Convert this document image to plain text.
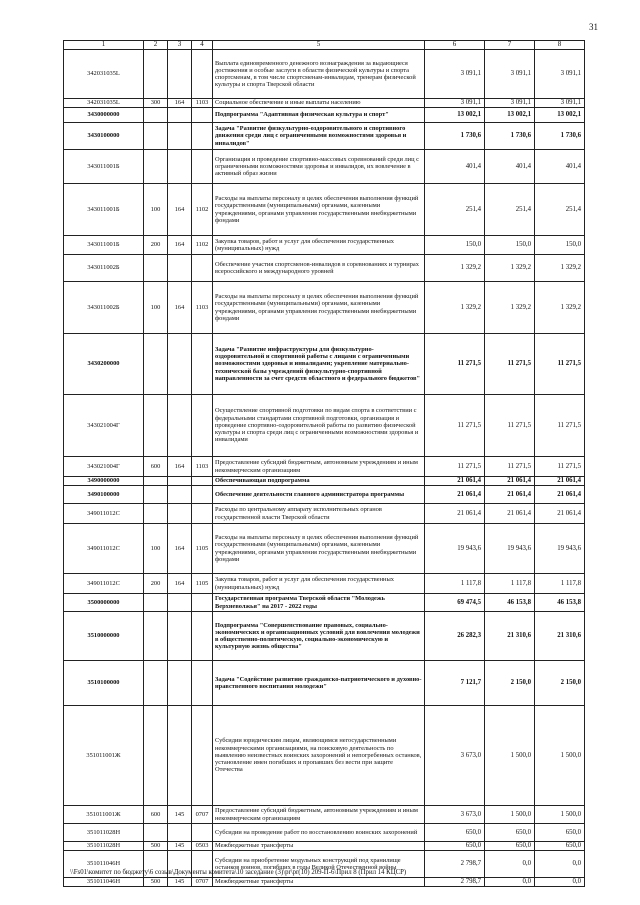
31
1	2	3	4	5	6	7	8
342031035L				Выплата единовременного денежного вознаграждения за выдающиеся достижения и особые заслуги в области физической культуры и спорта спортсменам, в том числе спортсменам-инвалидам, тренерам физической культуры и спорта Тверской области	3 091,1	3 091,1	3 091,1
342031035L	300	164	1103	Социальное обеспечение и иные выплаты населению	3 091,1	3 091,1	3 091,1
3430000000				Подпрограмма "Адаптивная физическая культура и спорт"	13 002,1	13 002,1	13 002,1
3430100000				Задача "Развитие физкультурно-оздоровительного и спортивного движения среди лиц с ограниченными возможностями здоровья и инвалидов"	1 730,6	1 730,6	1 730,6
343011001Б				Организация и проведение спортивно-массовых соревнований среди лиц с ограниченными возможностями здоровья и инвалидов, их вовлечение в активный образ жизни	401,4	401,4	401,4
343011001Б	100	164	1102	Расходы на выплаты персоналу в целях обеспечения выполнения функций государственными (муниципальными) органами, казенными учреждениями, органами управления государственными внебюджетными фондами	251,4	251,4	251,4
343011001Б	200	164	1102	Закупка товаров, работ и услуг для обеспечения государственных (муниципальных) нужд	150,0	150,0	150,0
343011002Б				Обеспечение участия спортсменов-инвалидов в соревнованиях и турнирах всероссийского и международного уровней	1 329,2	1 329,2	1 329,2
343011002Б	100	164	1103	Расходы на выплаты персоналу в целях обеспечения выполнения функций государственными (муниципальными) органами, казенными учреждениями, органами управления государственными внебюджетными фондами	1 329,2	1 329,2	1 329,2
3430200000				Задача "Развитие инфраструктуры для физкультурно-оздоровительной и спортивной работы с лицами с ограниченными возможностями здоровья и инвалидами; укрепление материально-технической базы учреждений физкультурно-спортивной направленности за счет средств областного и федерального бюджетов"	11 271,5	11 271,5	11 271,5
343021004Г				Осуществление спортивной подготовки по видам спорта в соответствии с федеральными стандартами спортивной подготовки, организация и проведение спортивно-оздоровительной работы по развитию физической культуры и спорта среди лиц с ограниченными возможностями здоровья и инвалидами	11 271,5	11 271,5	11 271,5
343021004Г	600	164	1103	Предоставление субсидий бюджетным, автономным учреждениям и иным некоммерческим организациям	11 271,5	11 271,5	11 271,5
3490000000				Обеспечивающая подпрограмма	21 061,4	21 061,4	21 061,4
3490100000				Обеспечение деятельности главного администратора программы	21 061,4	21 061,4	21 061,4
349011012С				Расходы по центральному аппарату исполнительных органов государственной власти Тверской области	21 061,4	21 061,4	21 061,4
349011012С	100	164	1105	Расходы на выплаты персоналу в целях обеспечения выполнения функций государственными (муниципальными) органами, казенными учреждениями, органами управления государственными внебюджетными фондами	19 943,6	19 943,6	19 943,6
349011012С	200	164	1105	Закупка товаров, работ и услуг для обеспечения государственных (муниципальных) нужд	1 117,8	1 117,8	1 117,8
3500000000				Государственная программа Тверской области "Молодежь Верхневолжья" на 2017 - 2022 годы	69 474,5	46 153,8	46 153,8
3510000000				Подпрограмма "Совершенствование правовых, социально-экономических и организационных условий для вовлечения молодежи в общественно-политическую, социально-экономическую и культурную жизнь общества"	26 282,3	21 310,6	21 310,6
3510100000				Задача "Содействие развитию гражданско-патриотического и духовно- нравственного воспитания молодежи"	7 121,7	2 150,0	2 150,0
351011001Ж				Субсидии юридическим лицам, являющимся негосударственными некоммерческими организациями, на поисковую деятельность по выявлению неизвестных воинских захоронений и непогребенных останков, установление имен погибших и пропавших без вести при защите Отечества	3 673,0	1 500,0	1 500,0
351011001Ж	600	145	0707	Предоставление субсидий бюджетным, автономным учреждениям и иным некоммерческим организациям	3 673,0	1 500,0	1 500,0
351011028Н				Субсидии на проведение работ по восстановлению воинских захоронений	650,0	650,0	650,0
351011028Н	500	145	0503	Межбюджетные трансферты	650,0	650,0	650,0
351011046Н				Субсидии на приобретение модульных конструкций под хранилище останков воинов, погибших в годы Великой Отечественной войны	2 798,7	0,0	0,0
351011046Н	500	145	0707	Межбюджетные трансферты	2 798,7	0,0	0,0
\\Fs01\комитет по бюджету\6 созыв\Документы комитета\10 заседание (3)\pr\pr(10) 209-П-6\Прил 8 (Прил 14 КЦСР)
